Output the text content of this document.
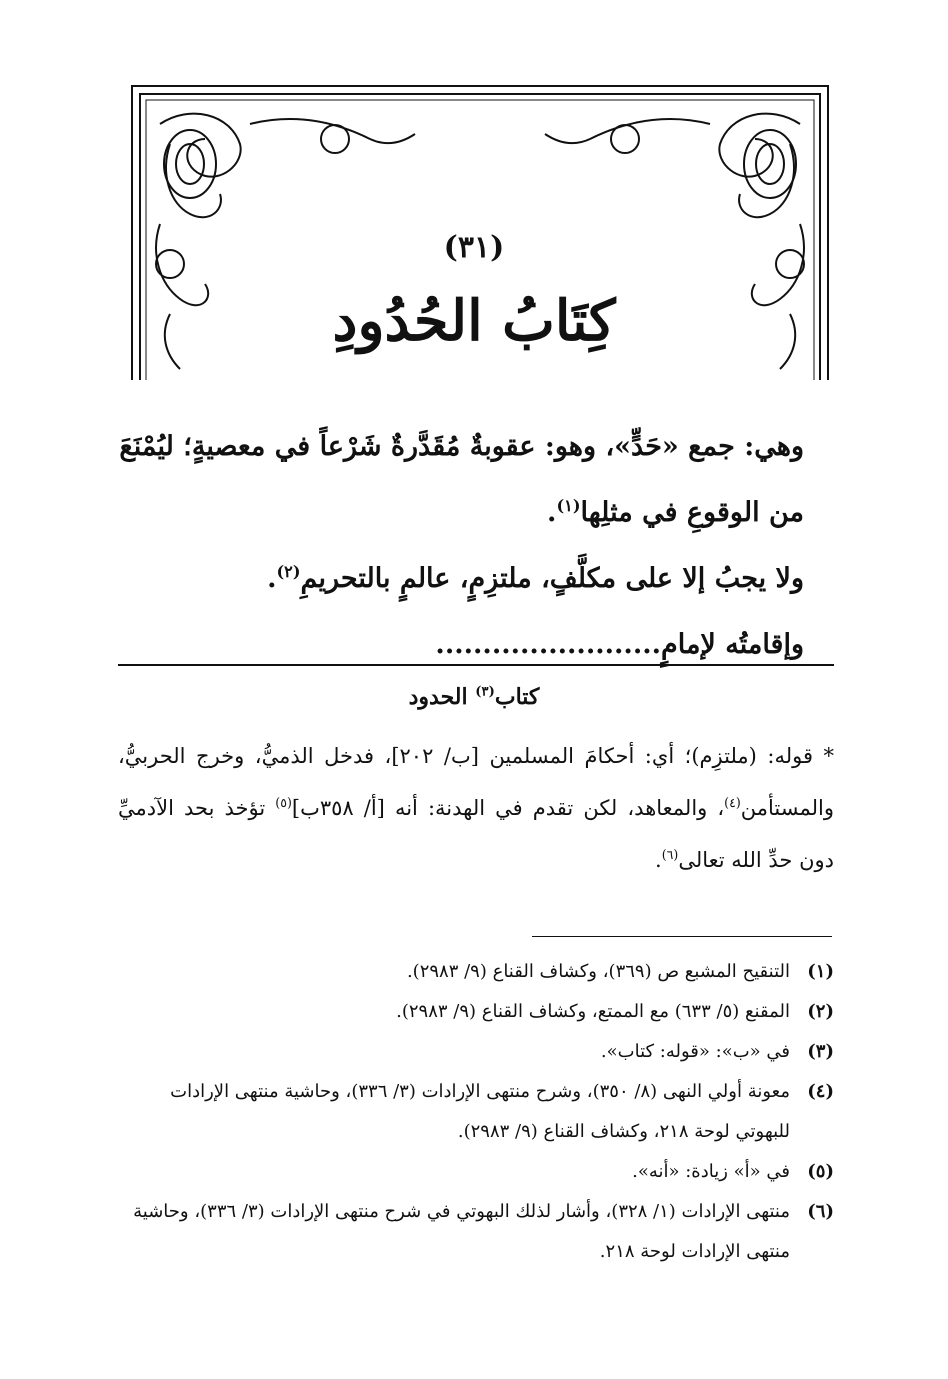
(٣١)
كِتَابُ الحُدُودِ

وهي: جمع «حَدٍّ»، وهو: عقوبةٌ مُقَدَّرةٌ شَرْعاً في معصيةٍ؛ ليُمْنَعَ من الوقوعِ في مثلِها$^{(١)}$.

ولا يجبُ إلا على مكلَّفٍ، ملتزِمٍ، عالمٍ بالتحريمِ$^{(٢)}$.

وإقامتُه لإمامٍ........................

كتاب$^{(٣)}$ الحدود

* قوله: (ملتزِم)؛ أي: أحكامَ المسلمين [ب/ ٢٠٢]، فدخل الذميُّ، وخرج الحربيُّ، والمستأمن$^{(٤)}$، والمعاهد، لكن تقدم في الهدنة: أنه [أ/ ٣٥٨ب]$^{(٥)}$ تؤخذ بحد الآدميِّ دون حدِّ الله تعالى$^{(٦)}$.

(١)
التنقيح المشبع ص (٣٦٩)، وكشاف القناع (٩/ ٢٩٨٣).
(٢)
المقنع (٥/ ٦٣٣) مع الممتع، وكشاف القناع (٩/ ٢٩٨٣).
(٣)
في «ب»: «قوله: كتاب».
(٤)
معونة أولي النهى (٨/ ٣٥٠)، وشرح منتهى الإرادات (٣/ ٣٣٦)، وحاشية منتهى الإرادات للبهوتي لوحة ٢١٨، وكشاف القناع (٩/ ٢٩٨٣).
(٥)
في «أ» زيادة: «أنه».
(٦)
منتهى الإرادات (١/ ٣٢٨)، وأشار لذلك البهوتي في شرح منتهى الإرادات (٣/ ٣٣٦)، وحاشية منتهى الإرادات لوحة ٢١٨.
